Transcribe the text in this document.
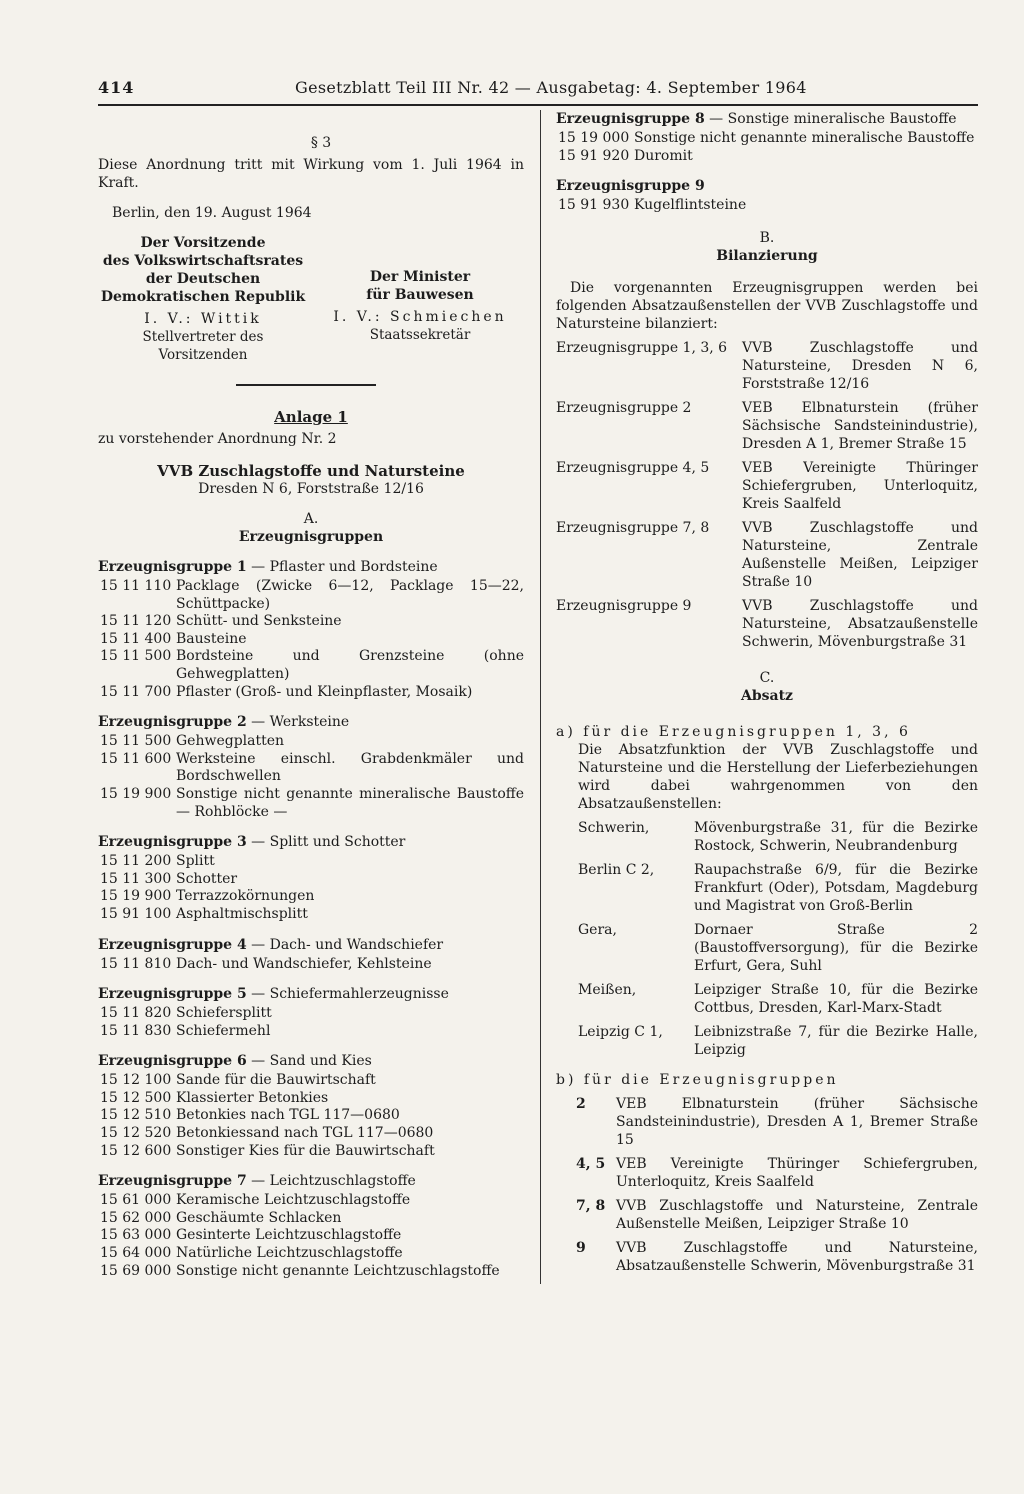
414	Gesetzblatt Teil III Nr. 42 — Ausgabetag: 4. September 1964
§ 3
Diese Anordnung tritt mit Wirkung vom 1. Juli 1964 in Kraft.
Berlin, den 19. August 1964
Der Vorsitzende
des Volkswirtschaftsrates
der Deutschen
Demokratischen Republik
I. V.: Wittik
Stellvertreter des
Vorsitzenden
Der Minister
für Bauwesen
I. V.: Schmiechen
Staatssekretär
Anlage 1
zu vorstehender Anordnung Nr. 2
VVB Zuschlagstoffe und Natursteine
Dresden N 6, Forststraße 12/16
A.
Erzeugnisgruppen
Erzeugnisgruppe 1 — Pflaster und Bordsteine
15 11 110 Packlage (Zwicke 6—12, Packlage 15—22, Schüttpacke)
15 11 120 Schütt- und Senksteine
15 11 400 Bausteine
15 11 500 Bordsteine und Grenzsteine (ohne Gehwegplatten)
15 11 700 Pflaster (Groß- und Kleinpflaster, Mosaik)
Erzeugnisgruppe 2 — Werksteine
15 11 500 Gehwegplatten
15 11 600 Werksteine einschl. Grabdenkmäler und Bordschwellen
15 19 900 Sonstige nicht genannte mineralische Baustoffe — Rohblöcke —
Erzeugnisgruppe 3 — Splitt und Schotter
15 11 200 Splitt
15 11 300 Schotter
15 19 900 Terrazzokörnungen
15 91 100 Asphaltmischsplitt
Erzeugnisgruppe 4 — Dach- und Wandschiefer
15 11 810 Dach- und Wandschiefer, Kehlsteine
Erzeugnisgruppe 5 — Schiefermahlerzeugnisse
15 11 820 Schiefersplitt
15 11 830 Schiefermehl
Erzeugnisgruppe 6 — Sand und Kies
15 12 100 Sande für die Bauwirtschaft
15 12 500 Klassierter Betonkies
15 12 510 Betonkies nach TGL 117—0680
15 12 520 Betonkiessand nach TGL 117—0680
15 12 600 Sonstiger Kies für die Bauwirtschaft
Erzeugnisgruppe 7 — Leichtzuschlagstoffe
15 61 000 Keramische Leichtzuschlagstoffe
15 62 000 Geschäumte Schlacken
15 63 000 Gesinterte Leichtzuschlagstoffe
15 64 000 Natürliche Leichtzuschlagstoffe
15 69 000 Sonstige nicht genannte Leichtzuschlagstoffe
Erzeugnisgruppe 8 — Sonstige mineralische Baustoffe
15 19 000 Sonstige nicht genannte mineralische Baustoffe
15 91 920 Duromit
Erzeugnisgruppe 9
15 91 930 Kugelflintsteine
B.
Bilanzierung
Die vorgenannten Erzeugnisgruppen werden bei folgenden Absatzaußenstellen der VVB Zuschlagstoffe und Natursteine bilanziert:
Erzeugnisgruppe 1, 3, 6	VVB Zuschlagstoffe und Natursteine, Dresden N 6, Forststraße 12/16
Erzeugnisgruppe 2	VEB Elbnaturstein (früher Sächsische Sandsteinindustrie), Dresden A 1, Bremer Straße 15
Erzeugnisgruppe 4, 5	VEB Vereinigte Thüringer Schiefergruben, Unterloquitz, Kreis Saalfeld
Erzeugnisgruppe 7, 8	VVB Zuschlagstoffe und Natursteine, Zentrale Außenstelle Meißen, Leipziger Straße 10
Erzeugnisgruppe 9	VVB Zuschlagstoffe und Natursteine, Absatzaußenstelle Schwerin, Mövenburgstraße 31
C.
Absatz
a) für die Erzeugnisgruppen 1, 3, 6
Die Absatzfunktion der VVB Zuschlagstoffe und Natursteine und die Herstellung der Lieferbeziehungen wird dabei wahrgenommen von den Absatzaußenstellen:
Schwerin,	Mövenburgstraße 31, für die Bezirke Rostock, Schwerin, Neubrandenburg
Berlin C 2,	Raupachstraße 6/9, für die Bezirke Frankfurt (Oder), Potsdam, Magdeburg und Magistrat von Groß-Berlin
Gera,	Dornaer Straße 2 (Baustoffversorgung), für die Bezirke Erfurt, Gera, Suhl
Meißen,	Leipziger Straße 10, für die Bezirke Cottbus, Dresden, Karl-Marx-Stadt
Leipzig C 1,	Leibnizstraße 7, für die Bezirke Halle, Leipzig
b) für die Erzeugnisgruppen
2	VEB Elbnaturstein (früher Sächsische Sandsteinindustrie), Dresden A 1, Bremer Straße 15
4, 5 VEB Vereinigte Thüringer Schiefergruben, Unterloquitz, Kreis Saalfeld
7, 8 VVB Zuschlagstoffe und Natursteine, Zentrale Außenstelle Meißen, Leipziger Straße 10
9	VVB Zuschlagstoffe und Natursteine, Absatzaußenstelle Schwerin, Mövenburgstraße 31
